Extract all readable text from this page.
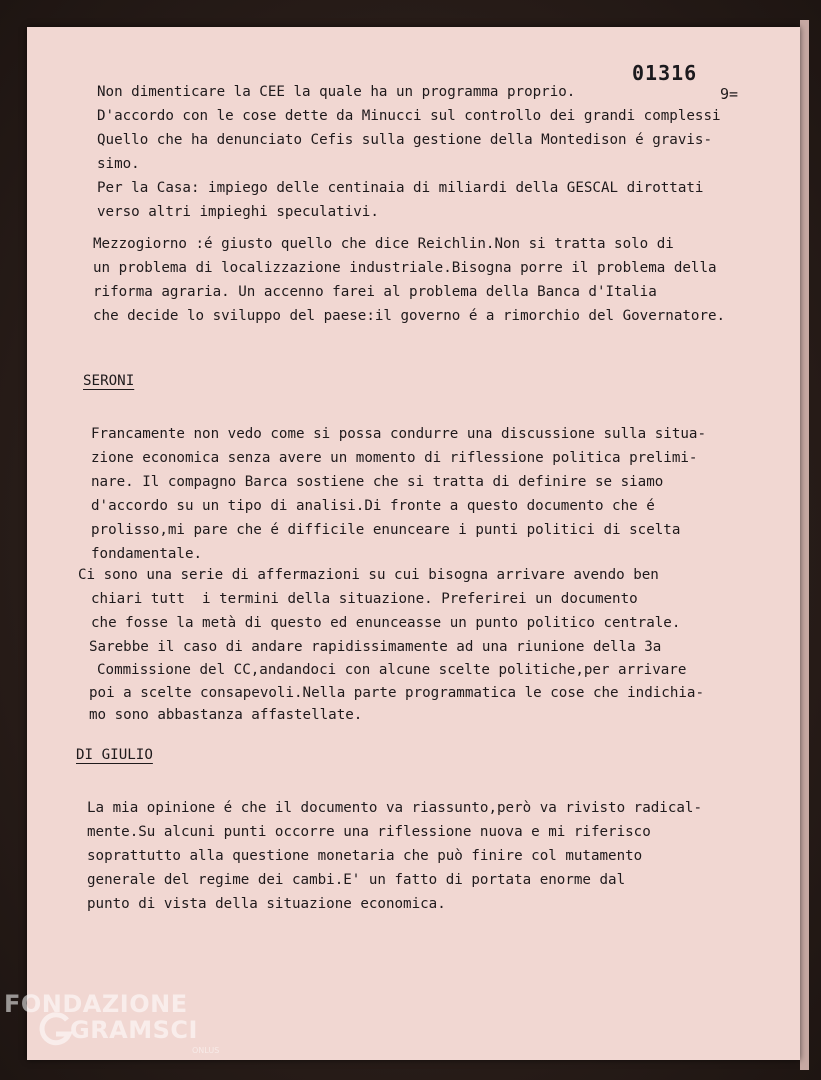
01316
9=

Non dimenticare la CEE la quale ha un programma proprio.

D'accordo con le cose dette da Minucci sul controllo dei grandi complessi

Quello che ha denunciato Cefis sulla gestione della Montedison é gravis-

simo.

Per la Casa: impiego delle centinaia di miliardi della GESCAL dirottati

verso altri impieghi speculativi.

Mezzogiorno :é giusto quello che dice Reichlin.Non si tratta solo di

un problema di localizzazione industriale.Bisogna porre il problema della

riforma agraria. Un accenno farei al problema della Banca d'Italia

che decide lo sviluppo del paese:il governo é a rimorchio del Governatore.

SERONI

Francamente non vedo come si possa condurre una discussione sulla situa-

zione economica senza avere un momento di riflessione politica prelimi-

nare. Il compagno Barca sostiene che si tratta di definire se siamo

d'accordo su un tipo di analisi.Di fronte a questo documento che é

prolisso,mi pare che é difficile enunceare i punti politici di scelta

fondamentale.

Ci sono una serie di affermazioni su cui bisogna arrivare avendo ben

chiari tutt  i termini della situazione. Preferirei un documento

che fosse la metà di questo ed enunceasse un punto politico centrale.

Sarebbe il caso di andare rapidissimamente ad una riunione della 3a

Commissione del CC,andandoci con alcune scelte politiche,per arrivare

poi a scelte consapevoli.Nella parte programmatica le cose che indichia-

mo sono abbastanza affastellate.

DI GIULIO

La mia opinione é che il documento va riassunto,però va rivisto radical-

mente.Su alcuni punti occorre una riflessione nuova e mi riferisco

soprattutto alla questione monetaria che può finire col mutamento

generale del regime dei cambi.E' un fatto di portata enorme dal

punto di vista della situazione economica.

FONDAZIONE
GRAMSCI
ONLUS
